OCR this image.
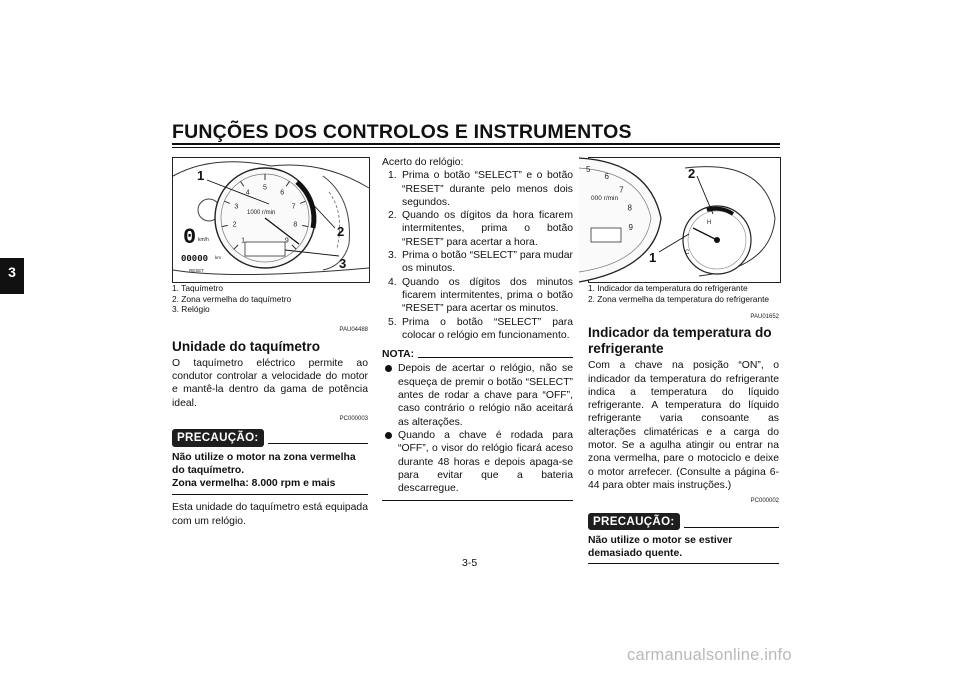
FUNÇÕES DOS CONTROLOS E INSTRUMENTOS
3
1
2
3
4
5
6
7
8
9
1000 r/min
0 km/h
00000 km
RESET
1
2
3
1. Taquímetro
2. Zona vermelha do taquímetro
3. Relógio
PAU04488
Unidade do taquímetro
O taquímetro eléctrico permite ao condutor controlar a velocidade do motor e mantê-la dentro da gama de potência ideal.
PC000003
PRECAUÇÃO:
Não utilize o motor na zona vermelha do taquímetro.
Zona vermelha: 8.000 rpm e mais
Esta unidade do taquímetro está equipada com um relógio.
Acerto do relógio:
1. Prima o botão “SELECT” e o botão “RESET” durante pelo menos dois segundos.
2. Quando os dígitos da hora ficarem intermitentes, prima o botão “RESET” para acertar a hora.
3. Prima o botão “SELECT” para mudar os minutos.
4. Quando os dígitos dos minutos ficarem intermitentes, prima o botão “RESET” para acertar os minutos.
5. Prima o botão “SELECT” para colocar o relógio em funcionamento.
NOTA:
Depois de acertar o relógio, não se esqueça de premir o botão “SELECT” antes de rodar a chave para “OFF”, caso contrário o relógio não aceitará as alterações.
Quando a chave é rodada para “OFF”, o visor do relógio ficará aceso durante 48 horas e depois apaga-se para evitar que a bateria descarregue.
5
6
7
8
9
000 r/min
H
C
2
1
1. Indicador da temperatura do refrigerante
2. Zona vermelha da temperatura do refrigerante
PAU01652
Indicador da temperatura do refrigerante
Com a chave na posição “ON”, o indicador da temperatura do refrigerante indica a temperatura do líquido refrigerante. A temperatura do líquido refrigerante varia consoante as alterações climatéricas e a carga do motor. Se a agulha atingir ou entrar na zona vermelha, pare o motociclo e deixe o motor arrefecer. (Consulte a página 6-44 para obter mais instruções.)
PC000002
PRECAUÇÃO:
Não utilize o motor se estiver demasiado quente.
3-5
carmanualsonline.info
